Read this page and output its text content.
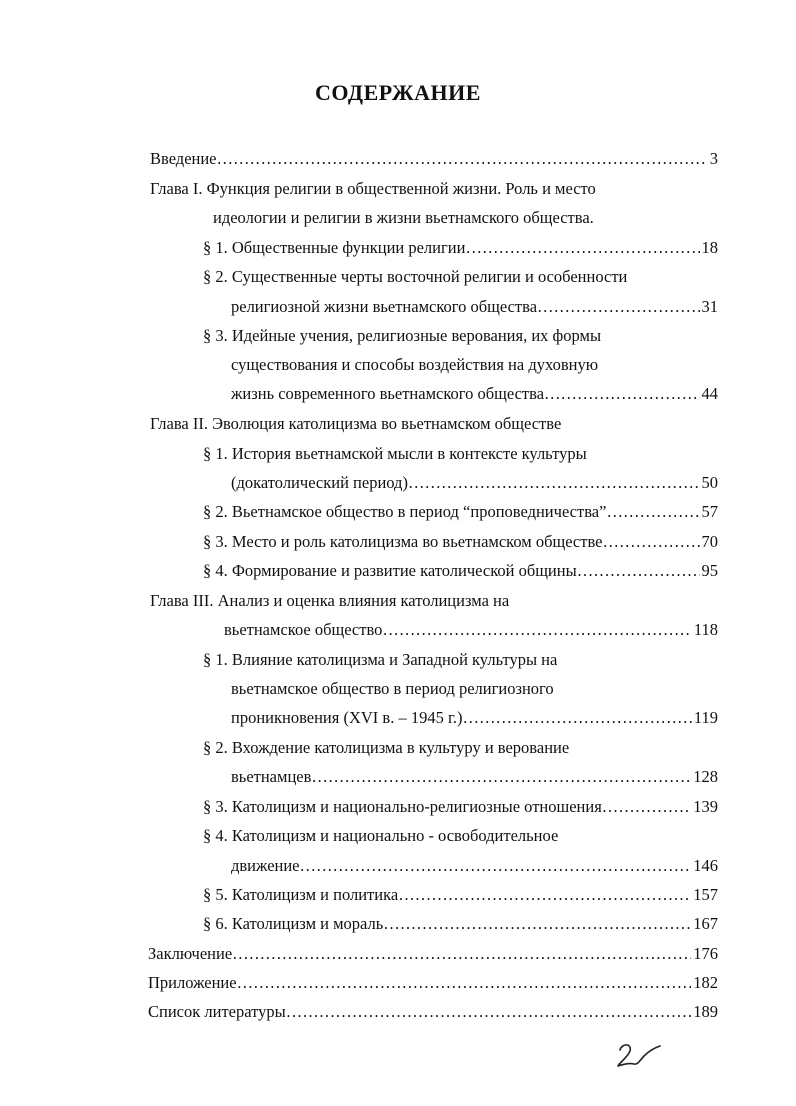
СОДЕРЖАНИЕ
Введение ……………………………………………………………………………………………………………………………………………………………………	3
Глава I. Функция религии в общественной жизни. Роль и место
идеологии и религии в жизни вьетнамского общества.
§ 1. Общественные функции религии ……………………………………………………………………………………………………………………………………………………………………	18
§ 2. Существенные черты восточной религии и особенности
религиозной жизни вьетнамского общества ……………………………………………………………………………………………………………………………………………………………………	31
§ 3. Идейные учения, религиозные верования, их формы
существования и способы воздействия на духовную
жизнь современного вьетнамского общества ……………………………………………………………………………………………………………………………………………………………………	44
Глава II. Эволюция католицизма во вьетнамском обществе
§ 1. История вьетнамской мысли в контексте культуры
(докатолический период) ……………………………………………………………………………………………………………………………………………………………………	50
§ 2. Вьетнамское общество в период “проповедничества” ……………………………………………………………………………………………………………………………………………………………………	57
§ 3. Место и роль католицизма во вьетнамском обществе ……………………………………………………………………………………………………………………………………………………………………	70
§ 4. Формирование и развитие католической общины ……………………………………………………………………………………………………………………………………………………………………	95
Глава III. Анализ и оценка влияния католицизма на
вьетнамское общество ……………………………………………………………………………………………………………………………………………………………………	118
§ 1. Влияние католицизма и Западной культуры на
вьетнамское общество в период религиозного
проникновения (XVI в. – 1945 г.) ……………………………………………………………………………………………………………………………………………………………………	119
§ 2. Вхождение католицизма в культуру и верование
вьетнамцев ……………………………………………………………………………………………………………………………………………………………………	128
§ 3. Католицизм и национально-религиозные отношения ……………………………………………………………………………………………………………………………………………………………………	139
§ 4. Католицизм и национально - освободительное
движение ……………………………………………………………………………………………………………………………………………………………………	146
§ 5. Католицизм и политика ……………………………………………………………………………………………………………………………………………………………………	157
§ 6. Католицизм и мораль ……………………………………………………………………………………………………………………………………………………………………	167
Заключение ……………………………………………………………………………………………………………………………………………………………………	176
Приложение ……………………………………………………………………………………………………………………………………………………………………	182
Список литературы ……………………………………………………………………………………………………………………………………………………………………	189
